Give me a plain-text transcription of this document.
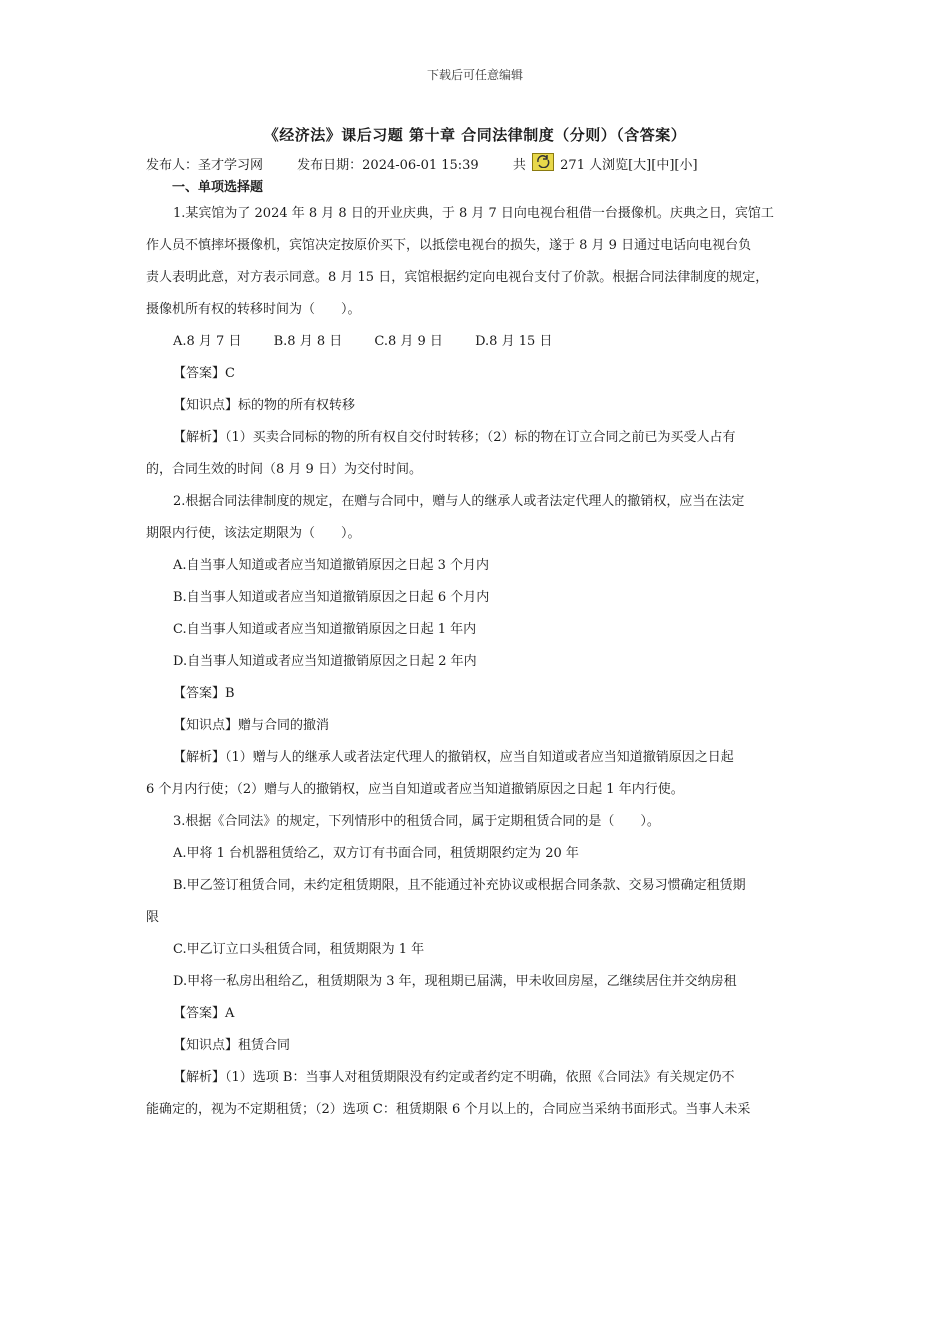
下载后可任意编辑
《经济法》课后习题 第十章 合同法律制度（分则）（含答案）
发布人：圣才学习网	发布日期：2024-06-01 15:39	共	271 人浏览[大][中][小]
一、单项选择题

1.某宾馆为了 2024 年 8 月 8 日的开业庆典，于 8 月 7 日向电视台租借一台摄像机。庆典之日，宾馆工

作人员不慎摔坏摄像机，宾馆决定按原价买下，以抵偿电视台的损失，遂于 8 月 9 日通过电话向电视台负

责人表明此意，对方表示同意。8 月 15 日，宾馆根据约定向电视台支付了价款。根据合同法律制度的规定，

摄像机所有权的转移时间为（　　）。

A.8 月 7 日 B.8 月 8 日 C.8 月 9 日 D.8 月 15 日

【答案】C

【知识点】标的物的所有权转移

【解析】（1）买卖合同标的物的所有权自交付时转移；（2）标的物在订立合同之前已为买受人占有

的，合同生效的时间（8 月 9 日）为交付时间。

2.根据合同法律制度的规定，在赠与合同中，赠与人的继承人或者法定代理人的撤销权，应当在法定

期限内行使，该法定期限为（　　）。

A.自当事人知道或者应当知道撤销原因之日起 3 个月内

B.自当事人知道或者应当知道撤销原因之日起 6 个月内

C.自当事人知道或者应当知道撤销原因之日起 1 年内

D.自当事人知道或者应当知道撤销原因之日起 2 年内

【答案】B

【知识点】赠与合同的撤消

【解析】（1）赠与人的继承人或者法定代理人的撤销权，应当自知道或者应当知道撤销原因之日起

6 个月内行使；（2）赠与人的撤销权，应当自知道或者应当知道撤销原因之日起 1 年内行使。

3.根据《合同法》的规定，下列情形中的租赁合同，属于定期租赁合同的是（　　）。

A.甲将 1 台机器租赁给乙，双方订有书面合同，租赁期限约定为 20 年

B.甲乙签订租赁合同，未约定租赁期限，且不能通过补充协议或根据合同条款、交易习惯确定租赁期

限

C.甲乙订立口头租赁合同，租赁期限为 1 年

D.甲将一私房出租给乙，租赁期限为 3 年，现租期已届满，甲未收回房屋，乙继续居住并交纳房租

【答案】A

【知识点】租赁合同

【解析】（1）选项 B：当事人对租赁期限没有约定或者约定不明确，依照《合同法》有关规定仍不

能确定的，视为不定期租赁；（2）选项 C：租赁期限 6 个月以上的，合同应当采纳书面形式。当事人未采
